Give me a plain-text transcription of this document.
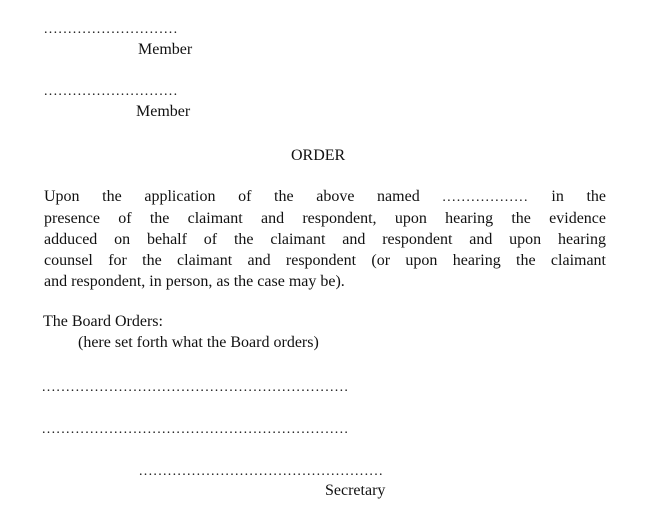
............................
Member
............................
Member
ORDER
Upon the application of the above named .................. in the
presence of the claimant and respondent, upon hearing the evidence
adduced on behalf of the claimant and respondent and upon hearing
counsel for the claimant and respondent (or upon hearing the claimant
and respondent, in person, as the case may be).
The Board Orders:
(here set forth what the Board orders)
................................................................
................................................................
...................................................
Secretary
